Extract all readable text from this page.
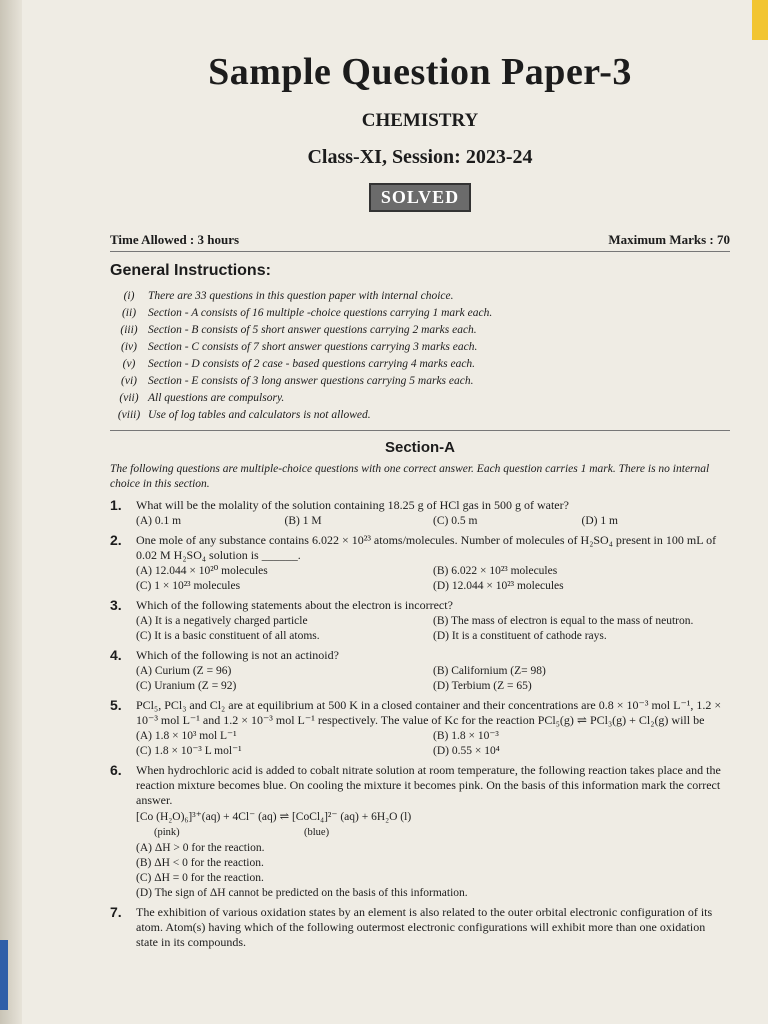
Sample Question Paper-3
CHEMISTRY
Class-XI, Session: 2023-24
SOLVED
Time Allowed : 3 hours	Maximum Marks : 70
General Instructions:
(i)	There are 33 questions in this question paper with internal choice.
(ii)	Section - A consists of 16 multiple -choice questions carrying 1 mark each.
(iii) Section - B consists of 5 short answer questions carrying 2 marks each.
(iv) Section - C consists of 7 short answer questions carrying 3 marks each.
(v)	Section - D consists of 2 case - based questions carrying 4 marks each.
(vi) Section - E consists of 3 long answer questions carrying 5 marks each.
(vii) All questions are compulsory.
(viii) Use of log tables and calculators is not allowed.
Section-A
The following questions are multiple-choice questions with one correct answer. Each question carries 1 mark. There is no internal choice in this section.
1.	What will be the molality of the solution containing 18.25 g of HCl gas in 500 g of water?
(A) 0.1 m	(B) 1 M	(C) 0.5 m	(D) 1 m
2.	One mole of any substance contains 6.022 × 10²³ atoms/molecules. Number of molecules of H₂SO₄ present in 100 mL of 0.02 M H₂SO₄ solution is ______.
(A) 12.044 × 10²⁰ molecules	(B) 6.022 × 10²³ molecules
(C) 1 × 10²³ molecules	(D) 12.044 × 10²³ molecules
3.	Which of the following statements about the electron is incorrect?
(A) It is a negatively charged particle	(B) The mass of electron is equal to the mass of neutron.
(C) It is a basic constituent of all atoms.	(D) It is a constituent of cathode rays.
4.	Which of the following is not an actinoid?
(A) Curium (Z = 96)	(B) Californium (Z= 98)
(C) Uranium (Z = 92)	(D) Terbium (Z = 65)
5.	PCl₅, PCl₃ and Cl₂ are at equilibrium at 500 K in a closed container and their concentrations are 0.8 × 10⁻³ mol L⁻¹, 1.2 × 10⁻³ mol L⁻¹ and 1.2 × 10⁻³ mol L⁻¹ respectively. The value of Kc for the reaction PCl₅(g) ⇌ PCl₃(g) + Cl₂(g) will be
(A) 1.8 × 10³ mol L⁻¹	(B) 1.8 × 10⁻³
(C) 1.8 × 10⁻³ L mol⁻¹	(D) 0.55 × 10⁴
6.	When hydrochloric acid is added to cobalt nitrate solution at room temperature, the following reaction takes place and the reaction mixture becomes blue. On cooling the mixture it becomes pink. On the basis of this information mark the correct answer.
[Co (H₂O)₆]³⁺(aq) + 4Cl⁻ (aq) ⇌ [CoCl₄]²⁻ (aq) + 6H₂O (l)
(pink)	(blue)
(A) ΔH > 0 for the reaction.
(B) ΔH < 0 for the reaction.
(C) ΔH = 0 for the reaction.
(D) The sign of ΔH cannot be predicted on the basis of this information.
7.	The exhibition of various oxidation states by an element is also related to the outer orbital electronic configuration of its atom. Atom(s) having which of the following outermost electronic configurations will exhibit more than one oxidation state in its compounds.
